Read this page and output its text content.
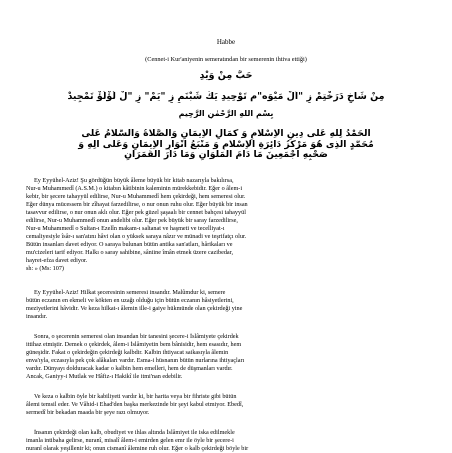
Habbe
(Cennet-i Kur'aniyenin semeratından bir semerenin ihtiva ettiği)
حَبٌّ مِنْ وَيْدِ
مِنْ شَاخِ دَرَخْتِمْ زِ "اَلْ مَيْوَه"م تَوْحِيدِ يَكْ شَبْنَمِ زِ "يَمْ" زِ "لْ لُؤْلُؤْ تَمْجِيدْ
بِسْمِ اللّٰهِ الرَّحْمٰنِ الرَّحِيمِ
اَلْحَمْدُ لِلّٰهِ عَلٰى دِينِ الْاِسْلَامِ وَ كَمَالِ الْاِيمَانِ وَالصَّلَاةُ وَالسَّلَامُ عَلٰى
مُحَمَّدٍ الَّذِى هُوَ مَرْكَزُ دَائِرَةِ الْاِسْلَامِ وَ مَنْبَعُ اَنْوَارِ الْاِيمَانِ وَعَلٰى اٰلِهِ وَ
صَحْبِهِ اَجْمَعِينَ مَا دَامَ الْمَلَوَانِ وَمَا دَارَ الْقَمَرَانِ

Ey Eyyühel-Aziz! Şu gördüğün büyük âleme büyük bir kitab nazarıyla bakılırsa,

Nur-u Muhammedî (A.S.M.) o kitabın kâtibinin kaleminin mürekkebidir. Eğer o âlem-i

kebir, bir şecere tahayyül edilirse, Nur-u Muhammedî hem çekirdeği, hem semeresi olur.

Eğer dünya mücessem bir zîhayat farzedilirse, o nur onun ruhu olur. Eğer büyük bir insan

tasavvur edilirse, o nur onun aklı olur. Eğer pek güzel şaşaalı bir cennet bahçesi tahayyül

edilirse, Nur-u Muhammedî onun andelibi olur. Eğer pek büyük bir saray farzedilirse,

Nur-u Muhammedî o Sultan-ı Ezelîn makam-ı saltanat ve haşmeti ve tecelliyat-ı

cemaliyesiyle îsâr-ı san'atını hâvi olan o yüksek saraya nâzır ve münadi ve teşrifatçı olur.

Bütün insanları davet ediyor. O saraya bulunan bütün antika san'atları, hârikaları ve

mu'cizeleri tarif ediyor. Halkı o saray sahibine, sâniine îmân etmek üzere cazibedar,

hayret-efza davet ediyor.

sh: » (Ms: 107)

Ey Eyyühel-Aziz! Hilkat şeceresinin semeresi insandır. Malûmdur ki, semere

bütün eczanın en ekmeli ve kökten en uzağı olduğu için bütün eczanın hâsiyetlerini,

meziyetlerini hâvidir. Ve keza hilkat-ı âlemin ille-i gaiye hükmünde olan çekirdeği yine

insandır.

Sonra, o şecerenin semeresi olan insandan bir tanesini şecere-i İslâmiyete çekirdek

ittihaz etmiştir. Demek o çekirdek, âlem-i İslâmiyetin bem bânisidir, hem esasıdır, hem

güneşidir. Fakat o çekirdeğin çekirdeği kalbdir. Kalbin ihtiyacat saikasıyla âlemin

enva'ıyla, eczasıyla pek çok alâkaları vardır. Esma-i hüsnanın bütün nurlarına ihtiyaçları

vardır. Dünyayı dolduracak kadar o kalbin hem emelleri, hem de düşmanları vardır.

Ancak, Ganiyy-i Mutlak ve Hâfiz-ı Hakikî ile itmi'nan edebilir.

Ve keza o kalbin öyle bir kabiliyeti vardır ki, bir harita veya bir fihriste gibi bütün

âlemi temsil eder. Ve Vâhid-i Ehad'den başka merkezinde bir şeyi kabul etmiyor. Ebedî,

sermedî bir bekadan maada bir şeye razı olmuyor.

İnsanın çekirdeği olan kalb, obudiyet ve ihlas altında İslâmiyet ile iska edilmekle

imanla intibaha gelirse, nuranî, misalî âlem-i emirden gelen emr ile öyle bir şecere-i

nuranî olarak yeşillenir ki; onun cismanî âlemine ruh olur. Eğer o kalb çekirdeği böyle bir
